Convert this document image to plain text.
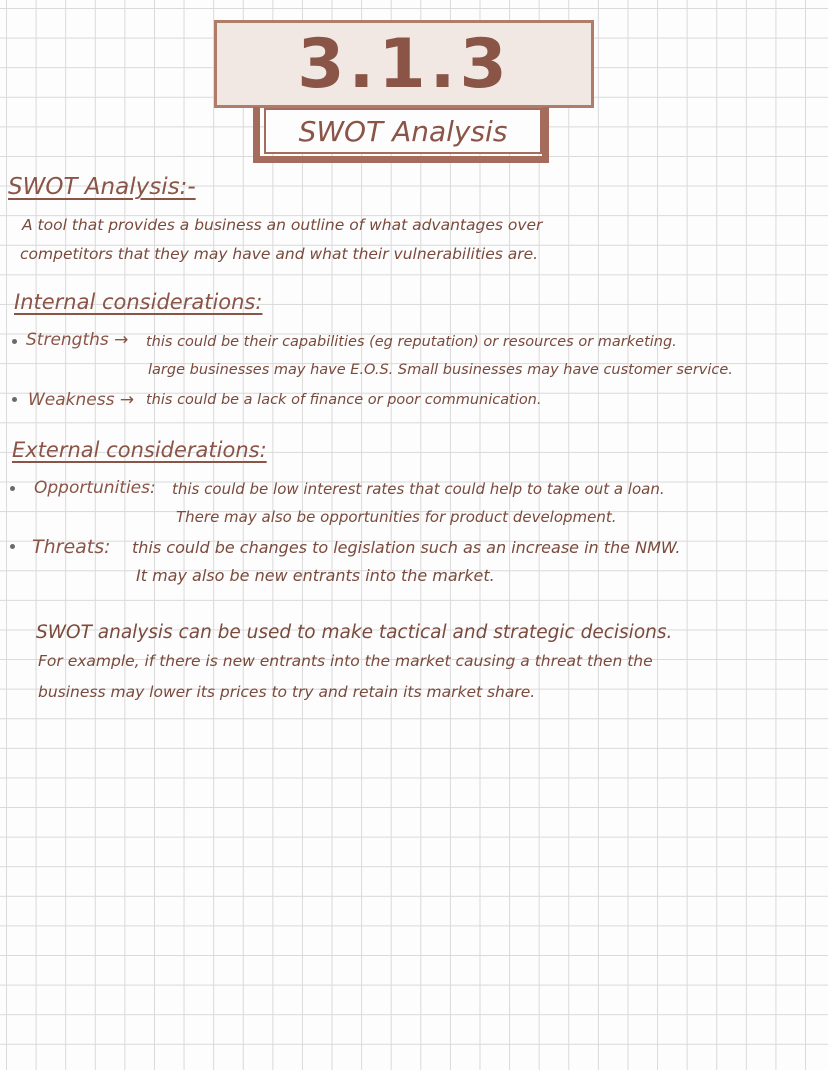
3.1.3
SWOT Analysis
SWOT Analysis:-
A tool that provides a business an outline of what advantages over
competitors that they may have and what their vulnerabilities are.
Internal considerations:
Strengths → this could be their capabilities (eg reputation) or resources or marketing.
large businesses may have E.O.S. Small businesses may have customer service.
Weakness → this could be a lack of finance or poor communication.
External considerations:
Opportunities: this could be low interest rates that could help to take out a loan.
There may also be opportunities for product development.
Threats: this could be changes to legislation such as an increase in the NMW.
It may also be new entrants into the market.
SWOT analysis can be used to make tactical and strategic decisions.
For example, if there is new entrants into the market causing a threat then the
business may lower its prices to try and retain its market share.
